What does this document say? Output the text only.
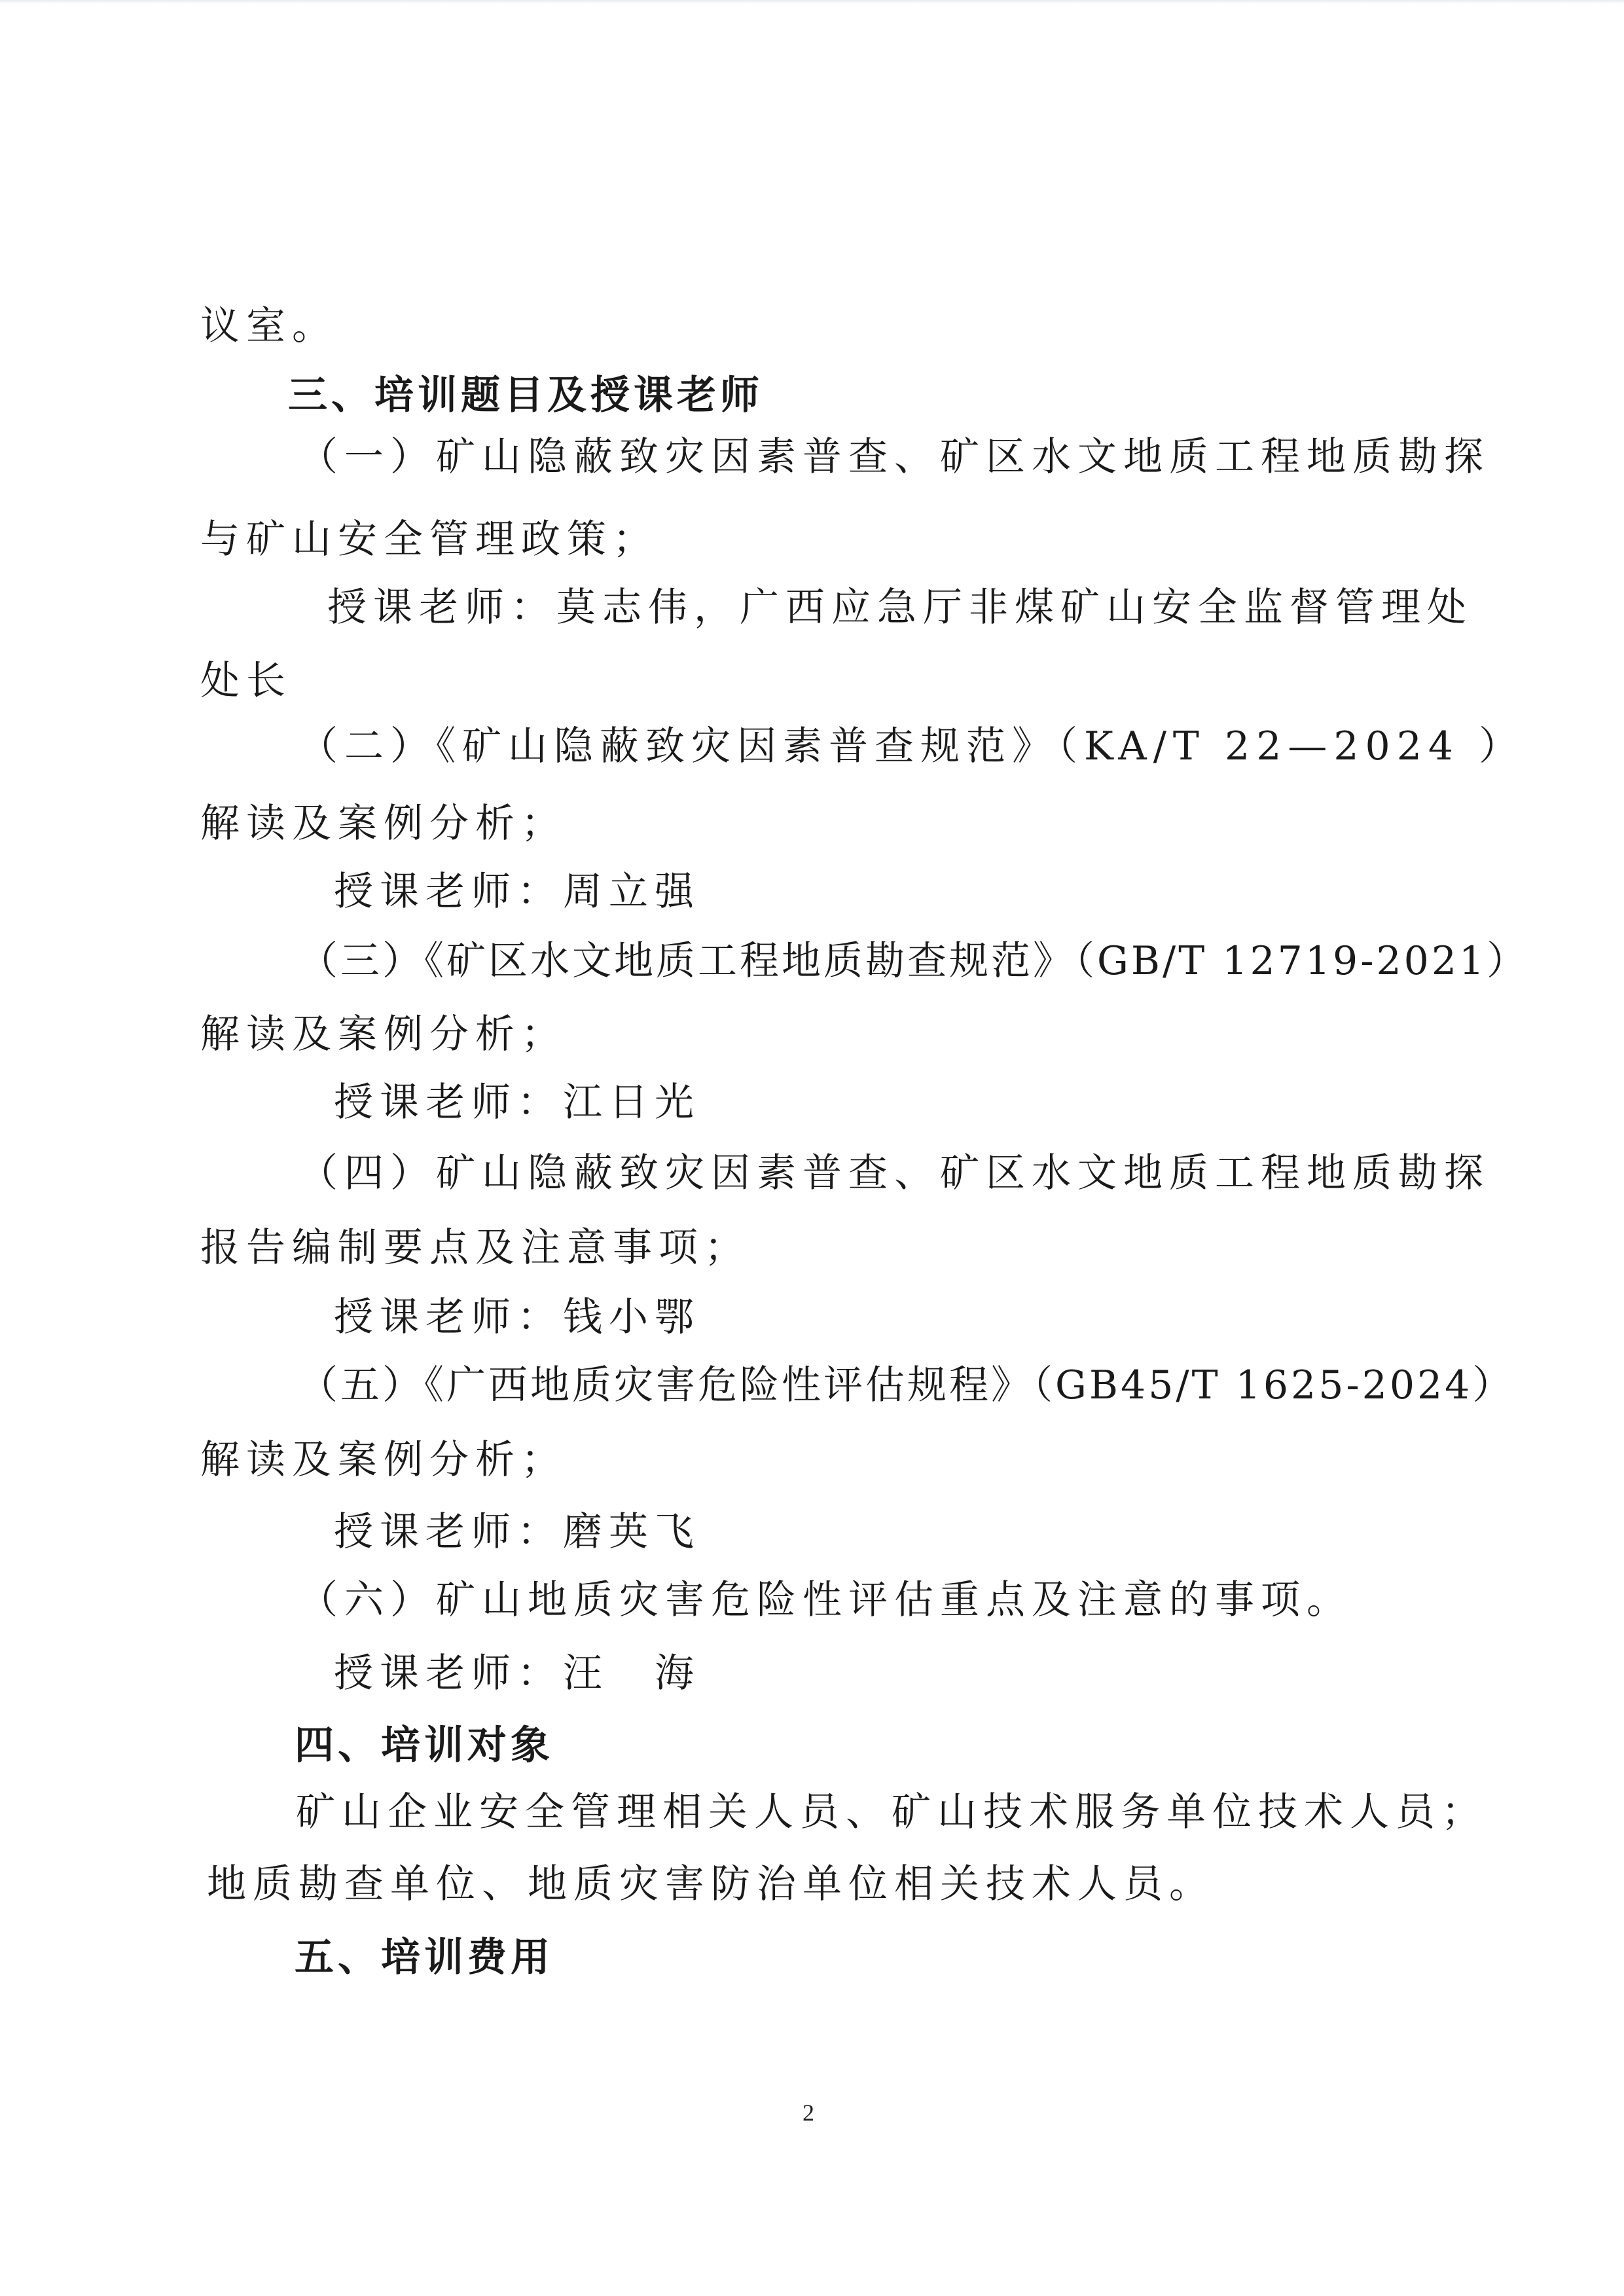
议室。

三、培训题目及授课老师

（一）矿山隐蔽致灾因素普查、矿区水文地质工程地质勘探

与矿山安全管理政策；

授课老师：莫志伟，广西应急厅非煤矿山安全监督管理处

处长

（二）《矿山隐蔽致灾因素普查规范》（KA/T 22—2024 ）

解读及案例分析；

授课老师：周立强

（三）《矿区水文地质工程地质勘查规范》（GB/T 12719-2021）

解读及案例分析；

授课老师：江日光

（四）矿山隐蔽致灾因素普查、矿区水文地质工程地质勘探

报告编制要点及注意事项；

授课老师：钱小鄂

（五）《广西地质灾害危险性评估规程》（GB45/T 1625-2024）

解读及案例分析；

授课老师：磨英飞

（六）矿山地质灾害危险性评估重点及注意的事项。

授课老师：汪　海

四、培训对象

矿山企业安全管理相关人员、矿山技术服务单位技术人员；

地质勘查单位、地质灾害防治单位相关技术人员。

五、培训费用

2
